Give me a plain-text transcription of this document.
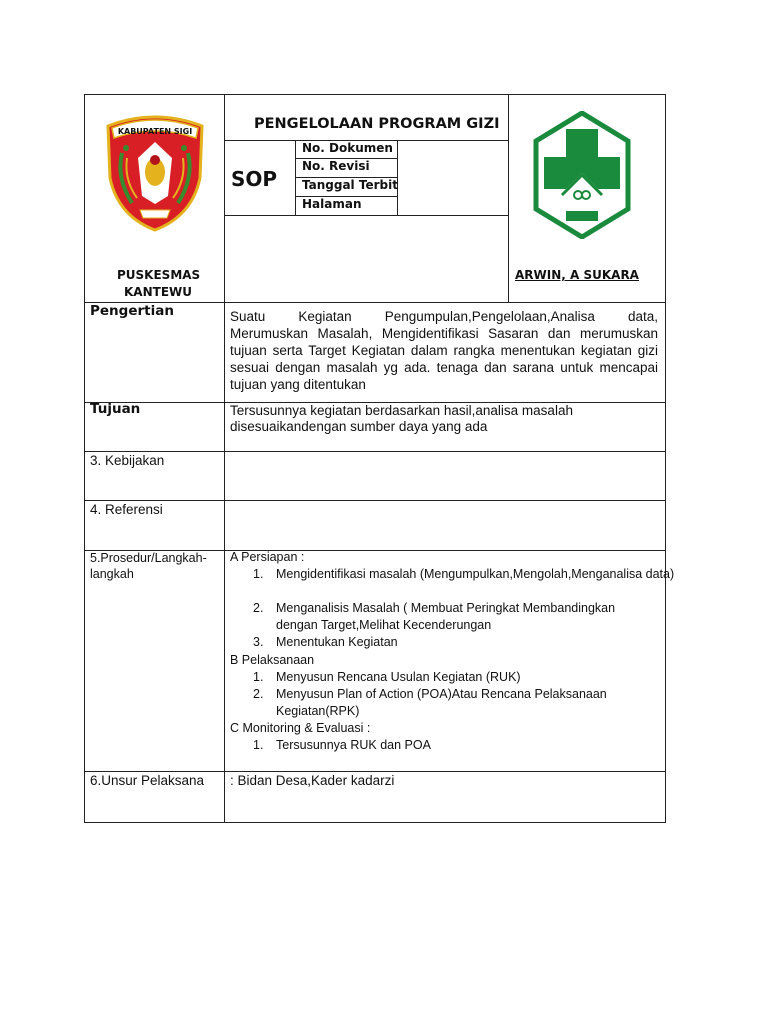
KABUPATEN SIGI
PUSKESMAS
KANTEWU
PENGELOLAAN PROGRAM GIZI
SOP
No. Dokumen
No. Revisi
Tanggal Terbit
Halaman
ARWIN, A SUKARA
Pengertian	Suatu Kegiatan Pengumpulan,Pengelolaan,Analisa data,
Merumuskan Masalah, Mengidentifikasi Sasaran dan merumuskan
tujuan serta Target Kegiatan dalam rangka menentukan kegiatan gizi
sesuai dengan masalah yg ada. tenaga dan sarana untuk mencapai
tujuan yang ditentukan
Tujuan	Tersusunnya kegiatan berdasarkan hasil,analisa masalah
disesuaikandengan sumber daya yang ada
3. Kebijakan
4. Referensi
5.Prosedur/Langkah-
langkah
A Persiapan :
1. Mengidentifikasi masalah (Mengumpulkan,Mengolah,Menganalisa data)
2. Menganalisis Masalah ( Membuat Peringkat Membandingkan dengan Target,Melihat Kecenderungan
3. Menentukan Kegiatan
B Pelaksanaan
1. Menyusun Rencana Usulan Kegiatan (RUK)
2. Menyusun Plan of Action (POA)Atau Rencana Pelaksanaan Kegiatan(RPK)
C Monitoring & Evaluasi :
1. Tersusunnya RUK dan POA
6.Unsur Pelaksana : Bidan Desa,Kader kadarzi
